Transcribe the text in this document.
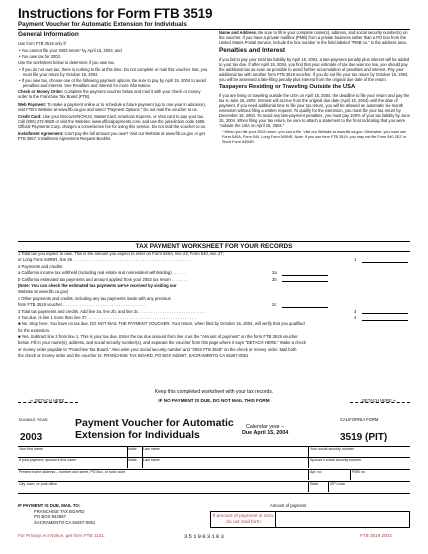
Instructions for Form FTB 3519
Payment Voucher for Automatic Extension for Individuals
General Information
Use form FTB 3519 only if:
• You cannot file your 2003 return* by April 15, 2004; and
• You owe tax for 2003.
Use the worksheet below to determine if you owe tax.
• If you do not owe tax, there is nothing to file at this time. Do not complete or mail this voucher. But, you must file your return by October 15, 2004.
• If you owe tax, choose one of the following payment options. Be sure to pay by April 15, 2004 to avoid penalties and interest. See Penalties and Interest for more information.
Check or Money Order: Complete the payment voucher below and mail it with your check or money order to the Franchise Tax Board (FTB).
Web Payment: To make a payment online or to schedule a future payment (up to one year in advance), visit FTB's Website at www.ftb.ca.gov and select "Payment Options." Do not mail the voucher to us.
Credit Card: Use your Discover/NOVUS, MasterCard, American Express, or Visa card to pay your tax. Call (800) 272-9829 or visit the Website: www.officialpayments.com, and use the jurisdiction code 1555. Official Payments Corp. charges a convenience fee for using this service. Do not mail the voucher to us.
Installment Agreement: Can't pay the full amount you owe? Visit our Website at www.ftb.ca.gov or get FTB 3567, Installment Agreement Request Booklet.
Name and Address. Be sure to fill in your complete name(s), address, and social security number(s) on the voucher. If you have a private mailbox (PMB) from a private business rather than a PO box from the United States Postal Service, include the box number in the field labeled "PMB no." in the address area.
Penalties and Interest
If you fail to pay your total tax liability by April 15, 2004, a late-payment penalty plus interest will be added to your tax due. If after April 15, 2004, you find that your estimate of tax due was too low, you should pay the additional tax as soon as possible to avoid further accumulation of penalties and interest. Pay your additional tax with another form FTB 3519 voucher. If you do not file your tax return by October 15, 2004, you will be assessed a late-filing penalty plus interest from the original due date of the return.
Taxpayers Residing or Traveling Outside the USA
If you are living or traveling outside the USA on April 15, 2004, the deadline to file your return and pay the tax is June 15, 2004. Interest will accrue from the original due date (April 15, 2004) until the date of payment. If you need additional time to file your tax return, you will be allowed an automatic six-month extension without filing a written request. To qualify for the extension, you must file your tax return by December 15, 2004. To avoid any late-payment penalties, you must pay 100% of your tax liability by June 15, 2004. When filing your tax return, be sure to attach a statement to the front indicating that you were "outside the USA on April 15, 2004."
* When you file your 2003 return, you can e-file. Visit our Website at www.ftb.ca.gov. Otherwise, you must use Form 540A, Form 540, Long Form 540NR, Note: If you use form FTB 3519, you may not file Form 540 2EZ or Short Form 540NR.
TAX PAYMENT WORKSHEET FOR YOUR RECORDS
1 Total tax you expect to owe. This is the amount you expect to enter on Form 540A, line 23; Form 540, line 37;
or Long Form 540NR, line 46 . . . . . . . . . . . . . . . . . . . . . . . . . . . . . . . . . . . . . . . . . . . . . . . . . . .	1
2 Payments and credits:
a California income tax withheld (including real estate and nonresident withholding) . . . . . .	2a
b California estimated tax payments and amount applied from your 2002 tax return . . . . . . .	2b
(Note: You can check the estimated tax payments we've received by visiting our
Website at www.ftb.ca.gov)
c Other payments and credits, including any tax payments made with any previous
form FTB 3519 voucher . . . . . . . . . . . . . . . . . . . . . . . . . . . . . . . . . . . .	2c
3 Total tax payments and credits. Add line 2a, line 2b, and line 2c . . . . . . . . . . . . . . . . . . . . . . . . . . . . .	3
4 Tax due. Is line 1 more than line 3? . . . . . . . . . . . . . . . . . . . . . . . . . . . . . . . . . . . . . . . . . . . . . . .	4
■ No. Stop here. You have no tax due. DO NOT MAIL THE PAYMENT VOUCHER. Your return, when filed by October 15, 2004, will verify that you qualified
for the extension.
■ Yes. Subtract line 3 from line 1. This is your tax due. Enter the tax due amount from line 4 as the "Amount of payment" on the form FTB 3519 voucher
below. Fill in your name(s), address, and social security number(s), and separate the voucher from this page where it says "DETACH HERE." Make a check
or money order payable to "Franchise Tax Board." Also write your social security number and "2003 FTB 3519" on the check or money order. Mail both
the check or money order and the voucher to: FRANCHISE TAX BOARD, PO BOX 942867, SACRAMENTO CA 94267-0051
Keep this completed worksheet with your tax records.
✂ DETACH HERE	IF NO PAYMENT IS DUE, DO NOT MAIL THIS FORM	DETACH HERE ✂
TAXABLE YEAR
2003
Payment Voucher for Automatic
Extension for Individuals
Calendar year –
Due April 15, 2004
CALIFORNIA FORM
3519 (PIT)
Your first name	Initial Last name	Your social security number
If joint payment, spouse's first name	Initial Last name	Spouse's social security number
Present home address – number and street, PO Box, or rural route	Apt. no.	PMB no.
City, town, or post office	State	ZIP Code
IF PAYMENT IS DUE, MAIL TO:
FRANCHISE TAX BOARD
PO BOX 942867
SACRAMENTO CA 94267-0051
Amount of payment
If amount of payment is zero, do not mail form
For Privacy Act Notice, get form FTB 1131.	351903103	FTB 3519 2003
